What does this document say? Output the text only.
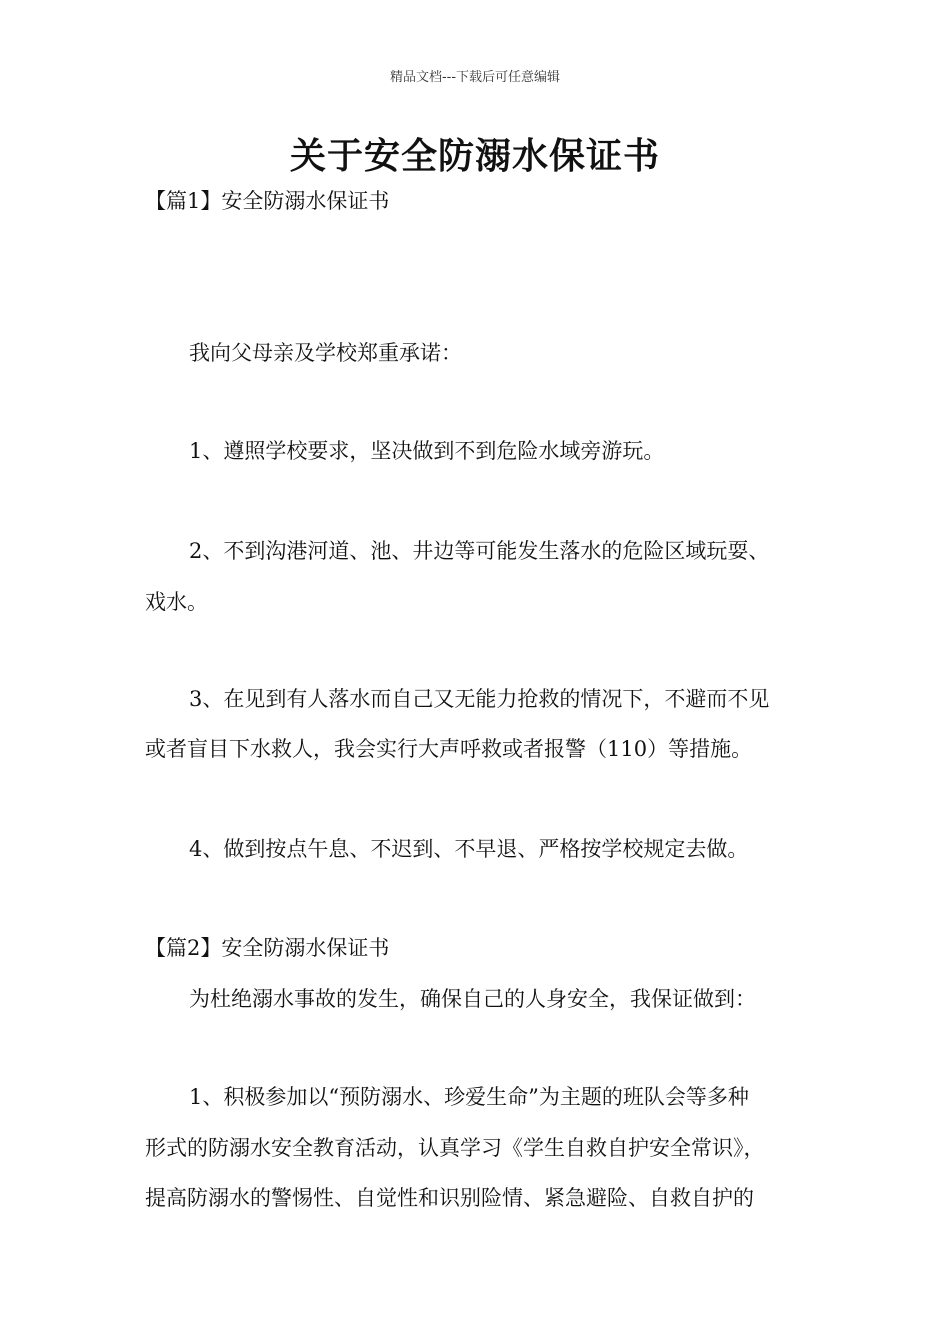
精品文档---下载后可任意编辑
关于安全防溺水保证书
【篇1】安全防溺水保证书
我向父母亲及学校郑重承诺：
1、遵照学校要求，坚决做到不到危险水域旁游玩。
2、不到沟港河道、池、井边等可能发生落水的危险区域玩耍、
戏水。
3、在见到有人落水而自己又无能力抢救的情况下，不避而不见
或者盲目下水救人，我会实行大声呼救或者报警（110）等措施。
4、做到按点午息、不迟到、不早退、严格按学校规定去做。
【篇2】安全防溺水保证书
为杜绝溺水事故的发生，确保自己的人身安全，我保证做到：
1、积极参加以“预防溺水、珍爱生命”为主题的班队会等多种
形式的防溺水安全教育活动，认真学习《学生自救自护安全常识》，
提高防溺水的警惕性、自觉性和识别险情、紧急避险、自救自护的
